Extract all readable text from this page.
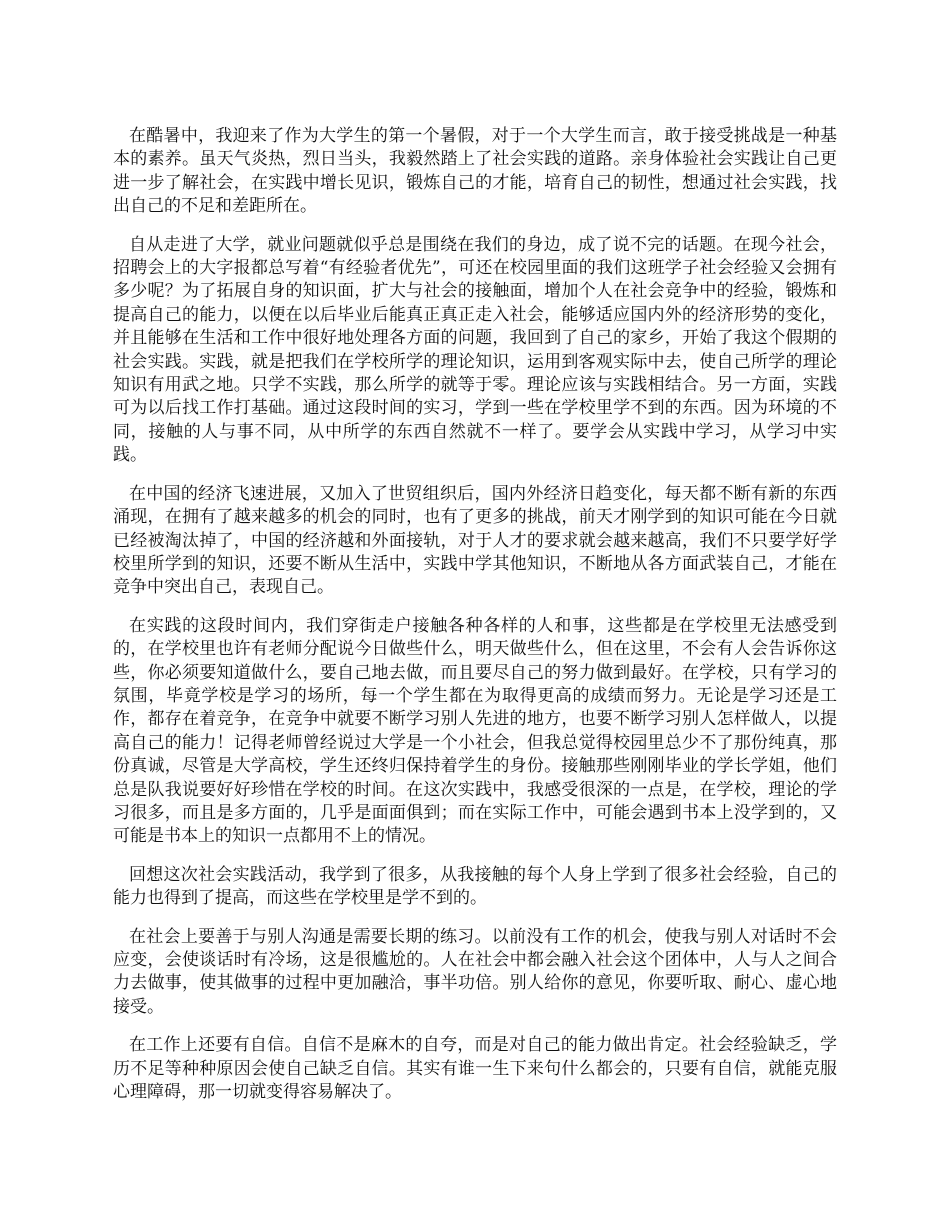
在酷暑中，我迎来了作为大学生的第一个暑假，对于一个大学生而言，敢于接受挑战是一种基本的素养。虽天气炎热，烈日当头，我毅然踏上了社会实践的道路。亲身体验社会实践让自己更进一步了解社会，在实践中增长见识，锻炼自己的才能，培育自己的韧性，想通过社会实践，找出自己的不足和差距所在。

自从走进了大学，就业问题就似乎总是围绕在我们的身边，成了说不完的话题。在现今社会，招聘会上的大字报都总写着“有经验者优先”，可还在校园里面的我们这班学子社会经验又会拥有多少呢？为了拓展自身的知识面，扩大与社会的接触面，增加个人在社会竞争中的经验，锻炼和提高自己的能力，以便在以后毕业后能真正真正走入社会，能够适应国内外的经济形势的变化，并且能够在生活和工作中很好地处理各方面的问题，我回到了自己的家乡，开始了我这个假期的社会实践。实践，就是把我们在学校所学的理论知识，运用到客观实际中去，使自己所学的理论知识有用武之地。只学不实践，那么所学的就等于零。理论应该与实践相结合。另一方面，实践可为以后找工作打基础。通过这段时间的实习，学到一些在学校里学不到的东西。因为环境的不同，接触的人与事不同，从中所学的东西自然就不一样了。要学会从实践中学习，从学习中实践。

在中国的经济飞速进展，又加入了世贸组织后，国内外经济日趋变化，每天都不断有新的东西涌现，在拥有了越来越多的机会的同时，也有了更多的挑战，前天才刚学到的知识可能在今日就已经被淘汰掉了，中国的经济越和外面接轨，对于人才的要求就会越来越高，我们不只要学好学校里所学到的知识，还要不断从生活中，实践中学其他知识，不断地从各方面武装自己，才能在竞争中突出自己，表现自己。

在实践的这段时间内，我们穿街走户接触各种各样的人和事，这些都是在学校里无法感受到的，在学校里也许有老师分配说今日做些什么，明天做些什么，但在这里，不会有人会告诉你这些，你必须要知道做什么，要自己地去做，而且要尽自己的努力做到最好。在学校，只有学习的氛围，毕竟学校是学习的场所，每一个学生都在为取得更高的成绩而努力。无论是学习还是工作，都存在着竞争，在竞争中就要不断学习别人先进的地方，也要不断学习别人怎样做人，以提高自己的能力！记得老师曾经说过大学是一个小社会，但我总觉得校园里总少不了那份纯真，那份真诚，尽管是大学高校，学生还终归保持着学生的身份。接触那些刚刚毕业的学长学姐，他们总是队我说要好好珍惜在学校的时间。在这次实践中，我感受很深的一点是，在学校，理论的学习很多，而且是多方面的，几乎是面面俱到；而在实际工作中，可能会遇到书本上没学到的，又可能是书本上的知识一点都用不上的情况。

回想这次社会实践活动，我学到了很多，从我接触的每个人身上学到了很多社会经验，自己的能力也得到了提高，而这些在学校里是学不到的。

在社会上要善于与别人沟通是需要长期的练习。以前没有工作的机会，使我与别人对话时不会应变，会使谈话时有冷场，这是很尴尬的。人在社会中都会融入社会这个团体中，人与人之间合力去做事，使其做事的过程中更加融洽，事半功倍。别人给你的意见，你要听取、耐心、虚心地接受。

在工作上还要有自信。自信不是麻木的自夸，而是对自己的能力做出肯定。社会经验缺乏，学历不足等种种原因会使自己缺乏自信。其实有谁一生下来句什么都会的，只要有自信，就能克服心理障碍，那一切就变得容易解决了。
